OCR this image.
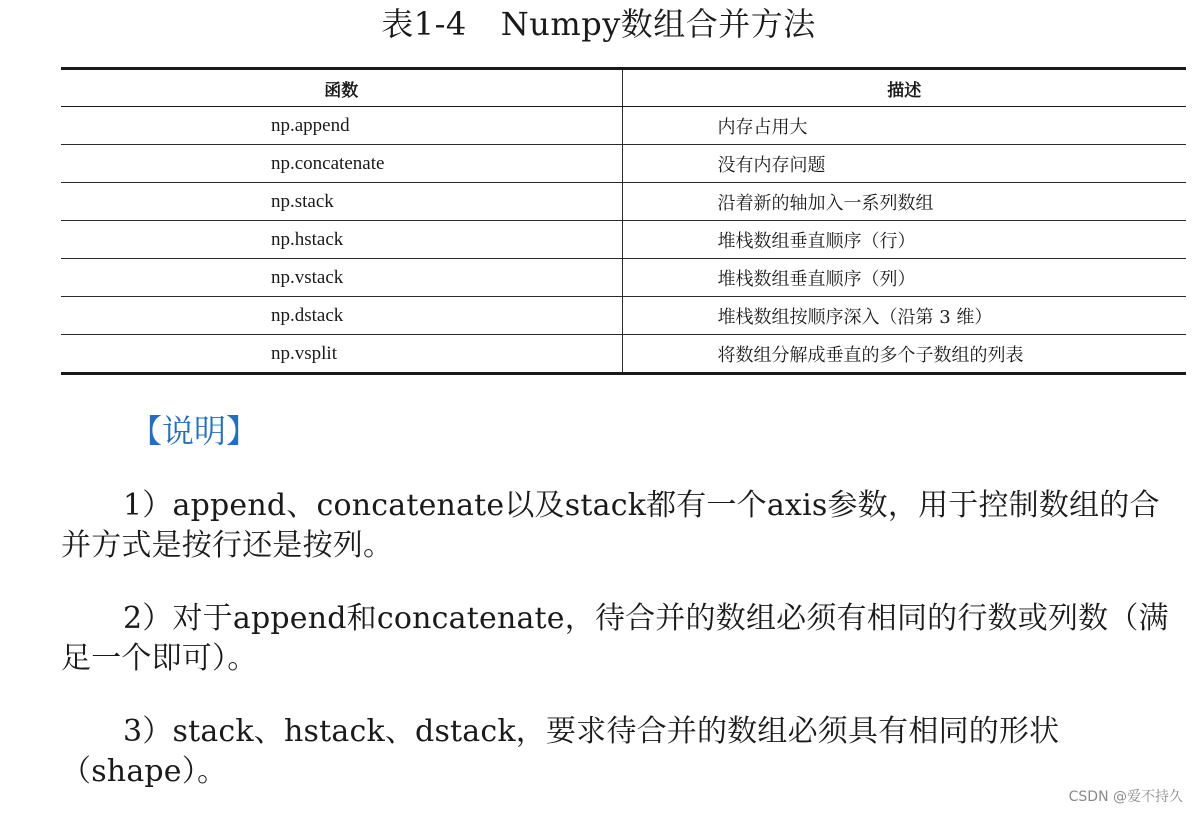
表1-4 Numpy数组合并方法
函数	描述
np.append	内存占用大
np.concatenate	没有内存问题
np.stack	沿着新的轴加入一系列数组
np.hstack	堆栈数组垂直顺序（行）
np.vstack	堆栈数组垂直顺序（列）
np.dstack	堆栈数组按顺序深入（沿第 3 维）
np.vsplit	将数组分解成垂直的多个子数组的列表
【说明】

1）append、concatenate以及stack都有一个axis参数，用于控制数组的合并方式是按行还是按列。

2）对于append和concatenate，待合并的数组必须有相同的行数或列数（满足一个即可）。

3）stack、hstack、dstack，要求待合并的数组必须具有相同的形状（shape）。

CSDN @爱不持久
